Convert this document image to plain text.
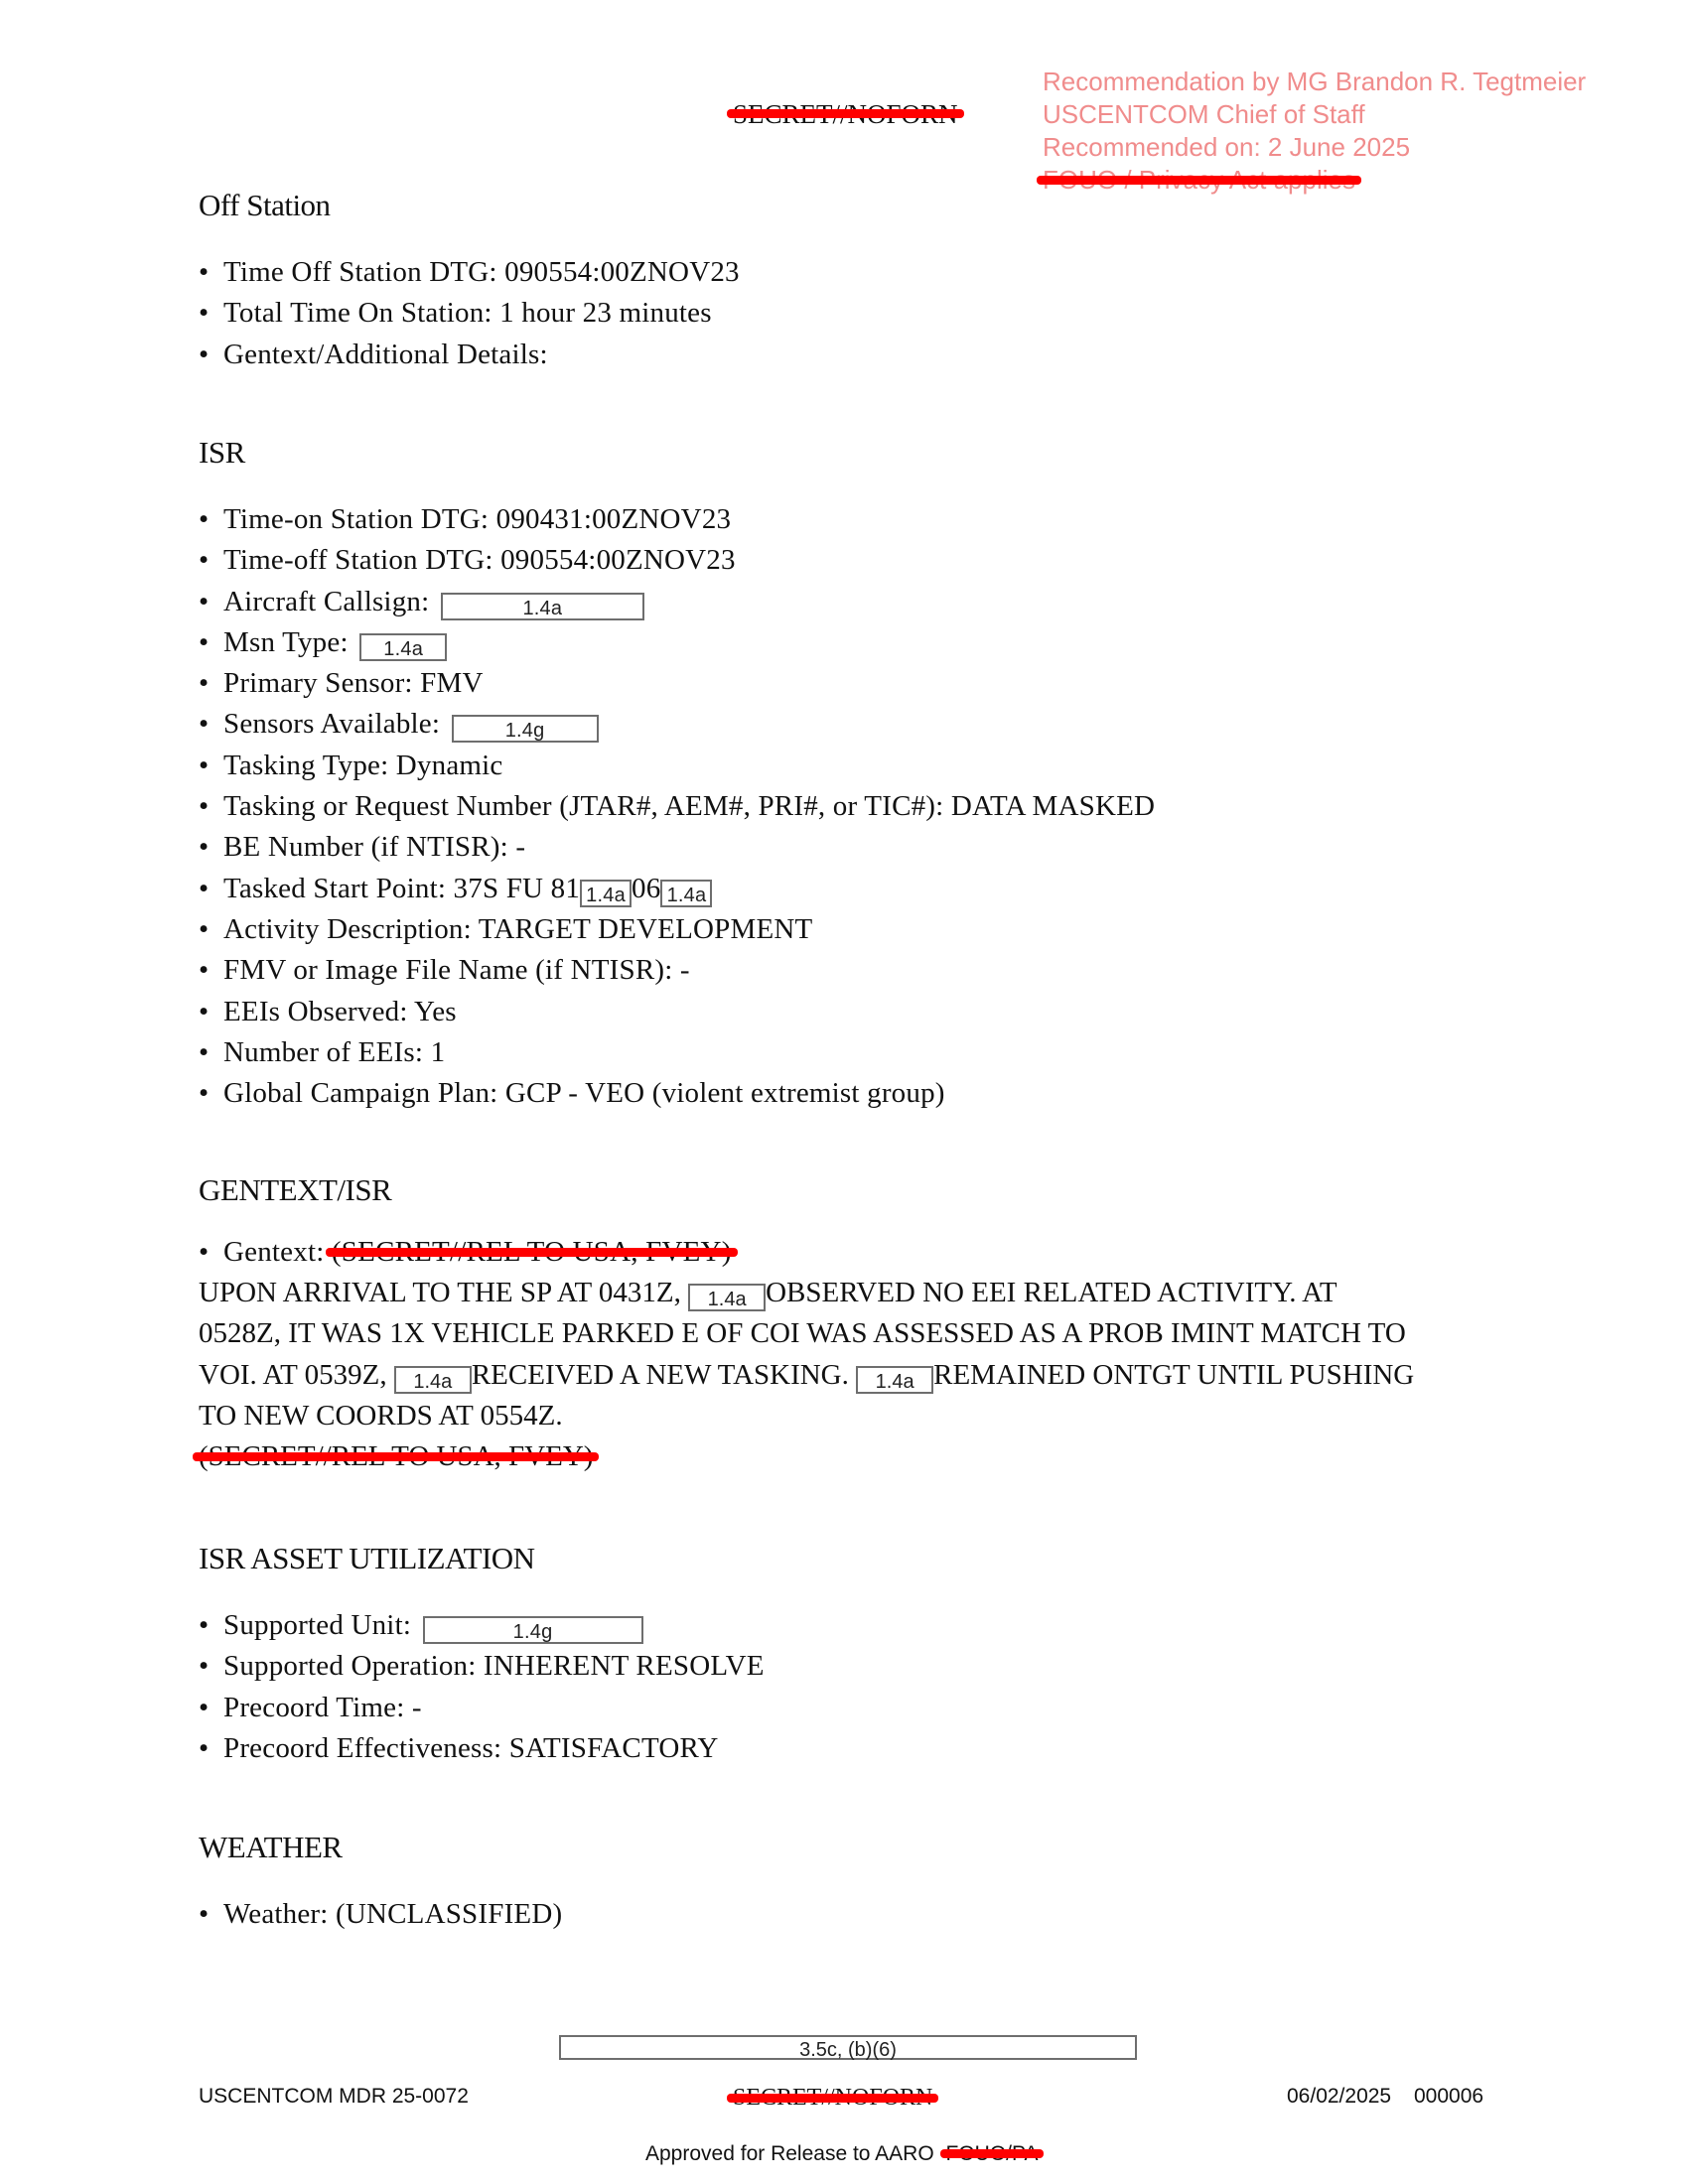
Recommendation by MG Brandon R. Tegtmeier
USCENTCOM Chief of Staff
Recommended on: 2 June 2025
Off Station
• Time Off Station DTG: 090554:00ZNOV23
• Total Time On Station: 1 hour 23 minutes
• Gentext/Additional Details:
ISR
• Time-on Station DTG: 090431:00ZNOV23
• Time-off Station DTG: 090554:00ZNOV23
• Aircraft Callsign:	1.4a
• Msn Type: 1.4a
• Primary Sensor: FMV
• Sensors Available:	1.4g
• Tasking Type: Dynamic
• Tasking or Request Number (JTAR#, AEM#, PRI#, or TIC#): DATA MASKED
• BE Number (if NTISR): -
• Tasked Start Point: 37S FU 81 1.4a 06 1.4a
• Activity Description: TARGET DEVELOPMENT
• FMV or Image File Name (if NTISR): -
• EEIs Observed: Yes
• Number of EEIs: 1
• Global Campaign Plan: GCP - VEO (violent extremist group)
GENTEXT/ISR
• Gentext:
UPON ARRIVAL TO THE SP AT 0431Z, 1.4a OBSERVED NO EEI RELATED ACTIVITY. AT
0528Z, IT WAS 1X VEHICLE PARKED E OF COI WAS ASSESSED AS A PROB IMINT MATCH TO
VOI. AT 0539Z, 1.4a RECEIVED A NEW TASKING. 1.4a REMAINED ONTGT UNTIL PUSHING
TO NEW COORDS AT 0554Z.
ISR ASSET UTILIZATION
• Supported Unit:	1.4g
• Supported Operation: INHERENT RESOLVE
• Precoord Time: -
• Precoord Effectiveness: SATISFACTORY
WEATHER
• Weather: (UNCLASSIFIED)
3.5c, (b)(6)
USCENTCOM MDR 25-0072	06/02/2025 000006
Approved for Release to AARO
